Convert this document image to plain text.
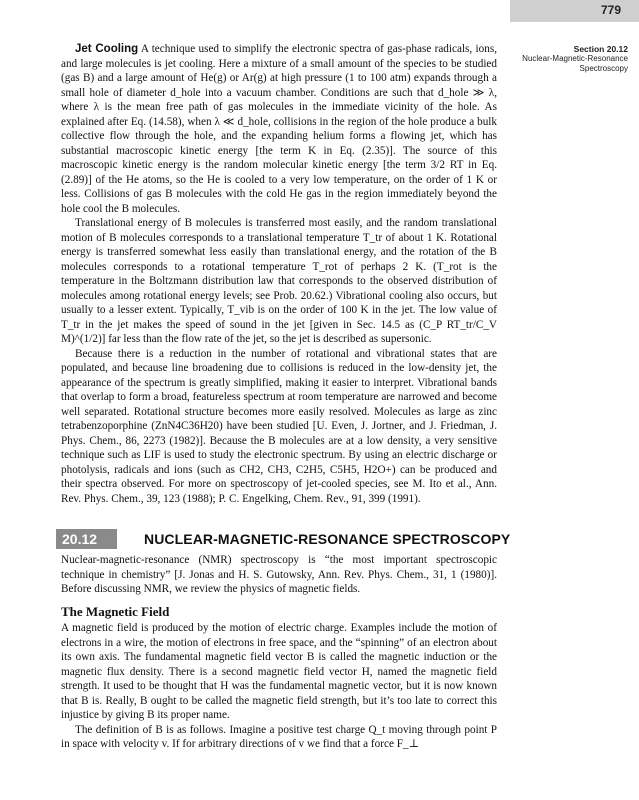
779
Section 20.12
Nuclear-Magnetic-Resonance
Spectroscopy

Jet Cooling A technique used to simplify the electronic spectra of gas-phase radicals, ions, and large molecules is jet cooling. Here a mixture of a small amount of the species to be studied (gas B) and a large amount of He(g) or Ar(g) at high pressure (1 to 100 atm) expands through a small hole of diameter d_hole into a vacuum chamber. Conditions are such that d_hole ≫ λ, where λ is the mean free path of gas molecules in the immediate vicinity of the hole. As explained after Eq. (14.58), when λ ≪ d_hole, collisions in the region of the hole produce a bulk collective flow through the hole, and the expanding helium forms a flowing jet, which has substantial macroscopic kinetic energy [the term K in Eq. (2.35)]. The source of this macroscopic kinetic energy is the random molecular kinetic energy [the term 3/2 RT in Eq. (2.89)] of the He atoms, so the He is cooled to a very low temperature, on the order of 1 K or less. Collisions of gas B molecules with the cold He gas in the region immediately beyond the hole cool the B molecules.

Translational energy of B molecules is transferred most easily, and the random translational motion of B molecules corresponds to a translational temperature T_tr of about 1 K. Rotational energy is transferred somewhat less easily than translational energy, and the rotation of the B molecules corresponds to a rotational temperature T_rot of perhaps 2 K. (T_rot is the temperature in the Boltzmann distribution law that corresponds to the observed distribution of molecules among rotational energy levels; see Prob. 20.62.) Vibrational cooling also occurs, but usually to a lesser extent. Typically, T_vib is on the order of 100 K in the jet. The low value of T_tr in the jet makes the speed of sound in the jet [given in Sec. 14.5 as (C_P RT_tr/C_V M)^(1/2)] far less than the flow rate of the jet, so the jet is described as supersonic.

Because there is a reduction in the number of rotational and vibrational states that are populated, and because line broadening due to collisions is reduced in the low-density jet, the appearance of the spectrum is greatly simplified, making it easier to interpret. Vibrational bands that overlap to form a broad, featureless spectrum at room temperature are narrowed and become well separated. Rotational structure becomes more easily resolved. Molecules as large as zinc tetrabenzoporphine (ZnN4C36H20) have been studied [U. Even, J. Jortner, and J. Friedman, J. Phys. Chem., 86, 2273 (1982)]. Because the B molecules are at a low density, a very sensitive technique such as LIF is used to study the electronic spectrum. By using an electric discharge or photolysis, radicals and ions (such as CH2, CH3, C2H5, C5H5, H2O+) can be produced and their spectra observed. For more on spectroscopy of jet-cooled species, see M. Ito et al., Ann. Rev. Phys. Chem., 39, 123 (1988); P. C. Engelking, Chem. Rev., 91, 399 (1991).

20.12	NUCLEAR-MAGNETIC-RESONANCE SPECTROSCOPY

Nuclear-magnetic-resonance (NMR) spectroscopy is “the most important spectroscopic technique in chemistry” [J. Jonas and H. S. Gutowsky, Ann. Rev. Phys. Chem., 31, 1 (1980)]. Before discussing NMR, we review the physics of magnetic fields.

The Magnetic Field

A magnetic field is produced by the motion of electric charge. Examples include the motion of electrons in a wire, the motion of electrons in free space, and the “spinning” of an electron about its own axis. The fundamental magnetic field vector B is called the magnetic induction or the magnetic flux density. There is a second magnetic field vector H, named the magnetic field strength. It used to be thought that H was the fundamental magnetic vector, but it is now known that B is. Really, B ought to be called the magnetic field strength, but it’s too late to correct this injustice by giving B its proper name.

The definition of B is as follows. Imagine a positive test charge Q_t moving through point P in space with velocity v. If for arbitrary directions of v we find that a force F_⊥
